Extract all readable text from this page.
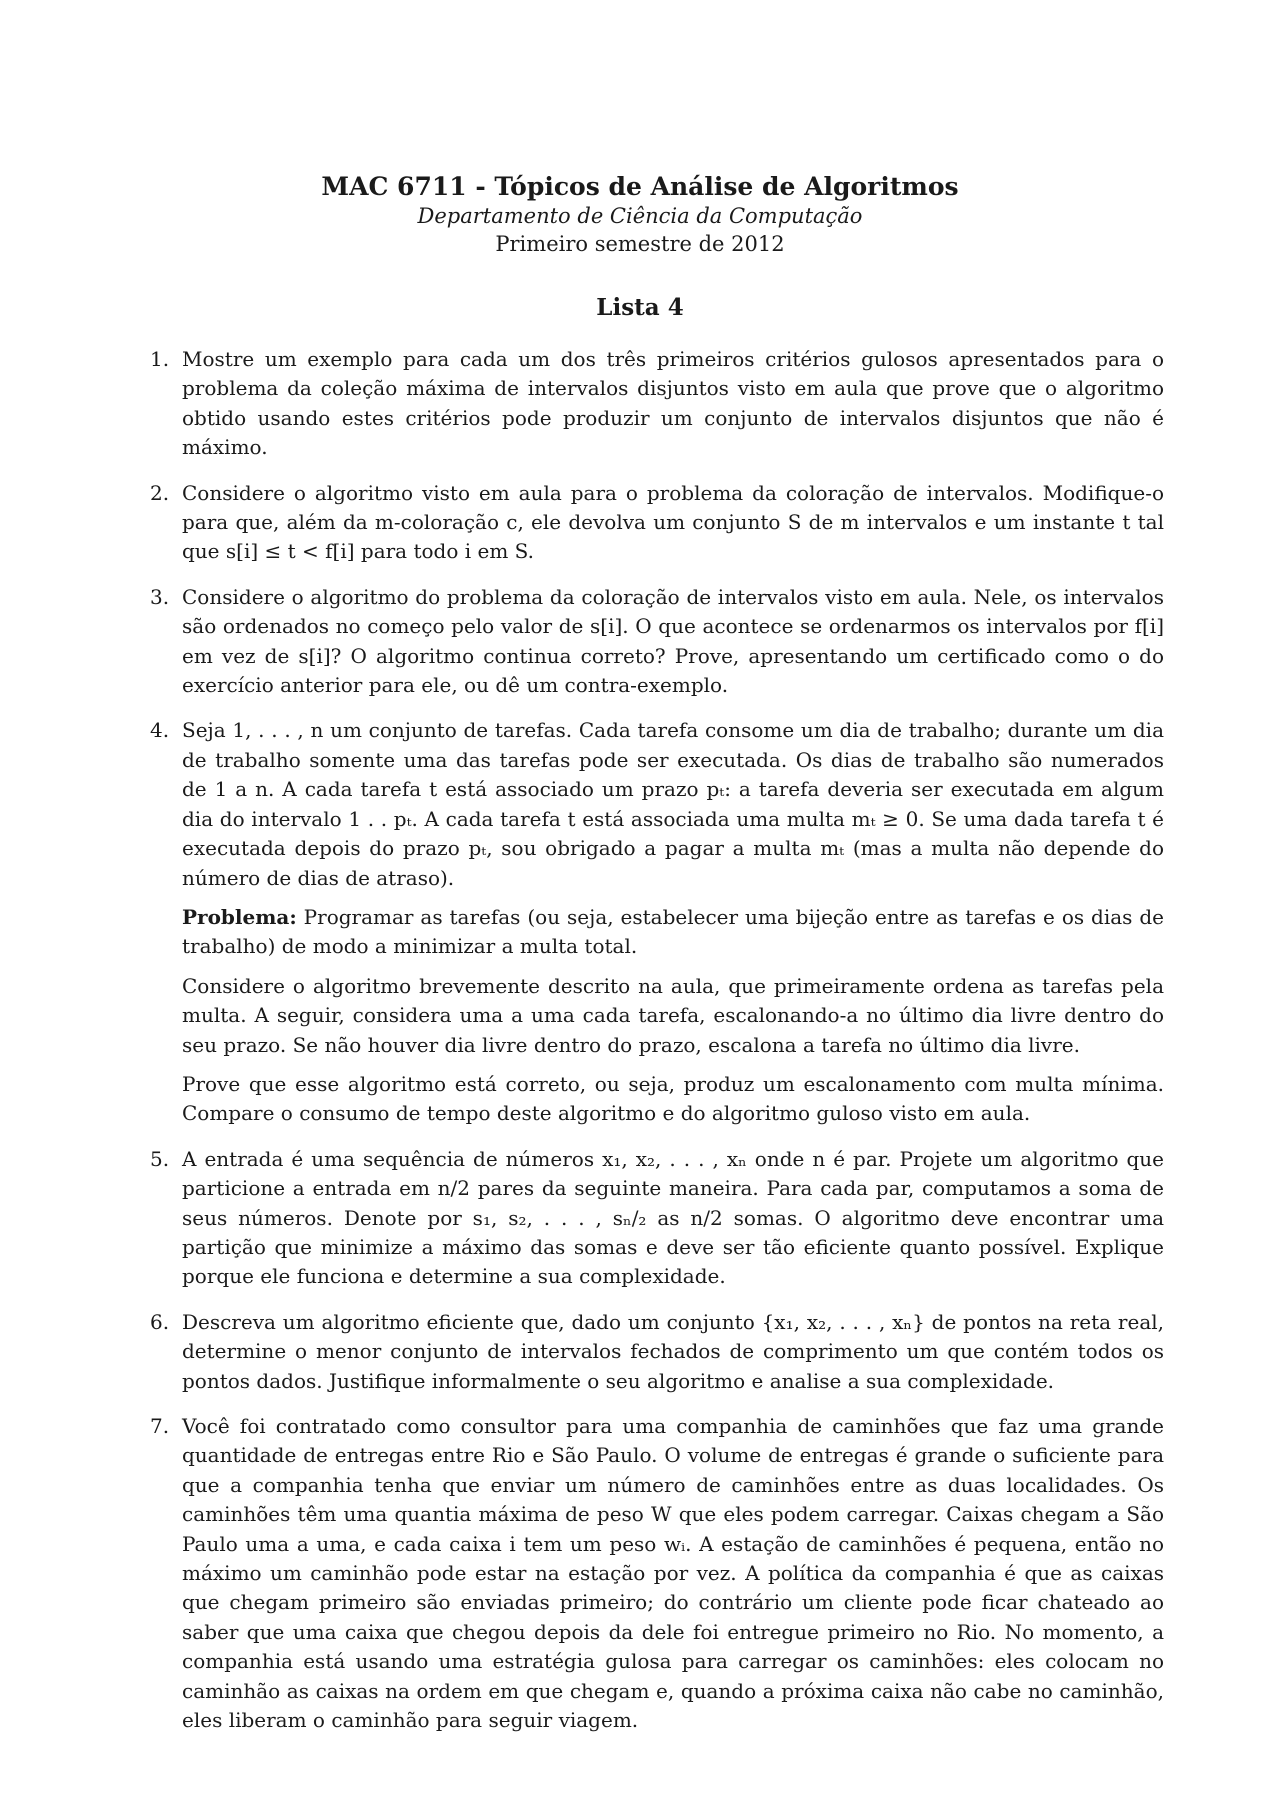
MAC 6711 - Tópicos de Análise de Algoritmos
Departamento de Ciência da Computação
Primeiro semestre de 2012
Lista 4
1. Mostre um exemplo para cada um dos três primeiros critérios gulosos apresentados para o problema da coleção máxima de intervalos disjuntos visto em aula que prove que o algoritmo obtido usando estes critérios pode produzir um conjunto de intervalos disjuntos que não é máximo.

2. Considere o algoritmo visto em aula para o problema da coloração de intervalos. Modifique-o para que, além da m-coloração c, ele devolva um conjunto S de m intervalos e um instante t tal que s[i] ≤ t < f[i] para todo i em S.

3. Considere o algoritmo do problema da coloração de intervalos visto em aula. Nele, os intervalos são ordenados no começo pelo valor de s[i]. O que acontece se ordenarmos os intervalos por f[i] em vez de s[i]? O algoritmo continua correto? Prove, apresentando um certificado como o do exercício anterior para ele, ou dê um contra-exemplo.

4. Seja 1, . . . , n um conjunto de tarefas. Cada tarefa consome um dia de trabalho; durante um dia de trabalho somente uma das tarefas pode ser executada. Os dias de trabalho são numerados de 1 a n. A cada tarefa t está associado um prazo pₜ: a tarefa deveria ser executada em algum dia do intervalo 1 . . pₜ. A cada tarefa t está associada uma multa mₜ ≥ 0. Se uma dada tarefa t é executada depois do prazo pₜ, sou obrigado a pagar a multa mₜ (mas a multa não depende do número de dias de atraso).

Problema: Programar as tarefas (ou seja, estabelecer uma bijeção entre as tarefas e os dias de trabalho) de modo a minimizar a multa total.

Considere o algoritmo brevemente descrito na aula, que primeiramente ordena as tarefas pela multa. A seguir, considera uma a uma cada tarefa, escalonando-a no último dia livre dentro do seu prazo. Se não houver dia livre dentro do prazo, escalona a tarefa no último dia livre.

Prove que esse algoritmo está correto, ou seja, produz um escalonamento com multa mínima. Compare o consumo de tempo deste algoritmo e do algoritmo guloso visto em aula.

5. A entrada é uma sequência de números x₁, x₂, . . . , xₙ onde n é par. Projete um algoritmo que particione a entrada em n/2 pares da seguinte maneira. Para cada par, computamos a soma de seus números. Denote por s₁, s₂, . . . , sₙ/₂ as n/2 somas. O algoritmo deve encontrar uma partição que minimize a máximo das somas e deve ser tão eficiente quanto possível. Explique porque ele funciona e determine a sua complexidade.

6. Descreva um algoritmo eficiente que, dado um conjunto {x₁, x₂, . . . , xₙ} de pontos na reta real, determine o menor conjunto de intervalos fechados de comprimento um que contém todos os pontos dados. Justifique informalmente o seu algoritmo e analise a sua complexidade.

7. Você foi contratado como consultor para uma companhia de caminhões que faz uma grande quantidade de entregas entre Rio e São Paulo. O volume de entregas é grande o suficiente para que a companhia tenha que enviar um número de caminhões entre as duas localidades. Os caminhões têm uma quantia máxima de peso W que eles podem carregar. Caixas chegam a São Paulo uma a uma, e cada caixa i tem um peso wᵢ. A estação de caminhões é pequena, então no máximo um caminhão pode estar na estação por vez. A política da companhia é que as caixas que chegam primeiro são enviadas primeiro; do contrário um cliente pode ficar chateado ao saber que uma caixa que chegou depois da dele foi entregue primeiro no Rio. No momento, a companhia está usando uma estratégia gulosa para carregar os caminhões: eles colocam no caminhão as caixas na ordem em que chegam e, quando a próxima caixa não cabe no caminhão, eles liberam o caminhão para seguir viagem.
